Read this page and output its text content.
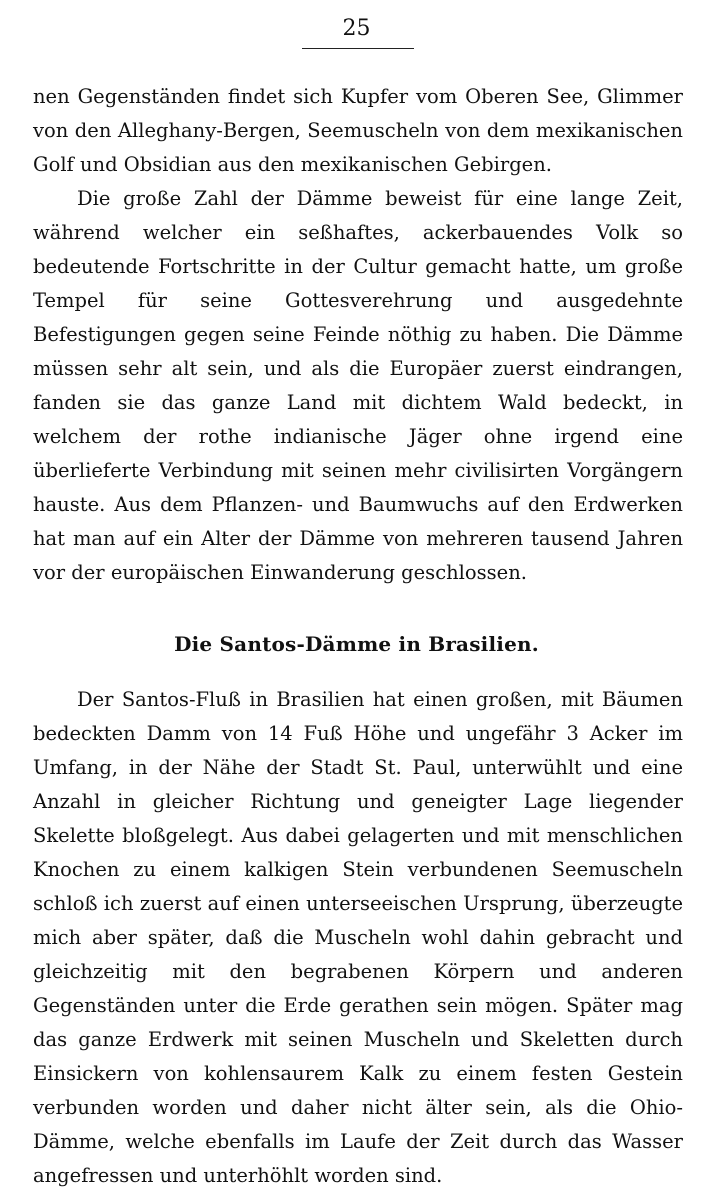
25

nen Gegenständen findet sich Kupfer vom Oberen See, Glimmer von den Alleghany-Bergen, Seemuscheln von dem mexikanischen Golf und Obsidian aus den mexikanischen Gebirgen.

Die große Zahl der Dämme beweist für eine lange Zeit, während welcher ein seßhaftes, ackerbauendes Volk so bedeutende Fortschritte in der Cultur gemacht hatte, um große Tempel für seine Gottesverehrung und ausgedehnte Befestigungen gegen seine Feinde nöthig zu haben. Die Dämme müssen sehr alt sein, und als die Europäer zuerst eindrangen, fanden sie das ganze Land mit dichtem Wald bedeckt, in welchem der rothe indianische Jäger ohne irgend eine überlieferte Verbindung mit seinen mehr civilisirten Vorgängern hauste. Aus dem Pflanzen- und Baumwuchs auf den Erdwerken hat man auf ein Alter der Dämme von mehreren tausend Jahren vor der europäischen Einwanderung geschlossen.

Die Santos-Dämme in Brasilien.

Der Santos-Fluß in Brasilien hat einen großen, mit Bäumen bedeckten Damm von 14 Fuß Höhe und ungefähr 3 Acker im Umfang, in der Nähe der Stadt St. Paul, unterwühlt und eine Anzahl in gleicher Richtung und geneigter Lage liegender Skelette bloßgelegt. Aus dabei gelagerten und mit menschlichen Knochen zu einem kalkigen Stein verbundenen Seemuscheln schloß ich zuerst auf einen unterseeischen Ursprung, überzeugte mich aber später, daß die Muscheln wohl dahin gebracht und gleichzeitig mit den begrabenen Körpern und anderen Gegenständen unter die Erde gerathen sein mögen. Später mag das ganze Erdwerk mit seinen Muscheln und Skeletten durch Einsickern von kohlensaurem Kalk zu einem festen Gestein verbunden worden und daher nicht älter sein, als die Ohio-Dämme, welche ebenfalls im Laufe der Zeit durch das Wasser angefressen und unterhöhlt worden sind.
